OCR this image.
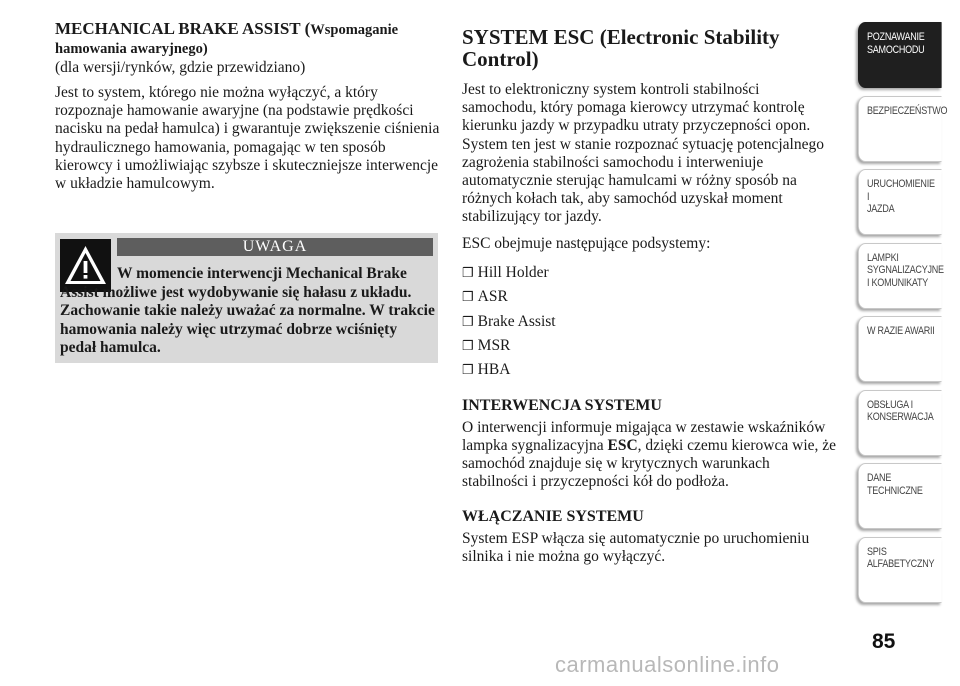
MECHANICAL BRAKE ASSIST (Wspomaganie hamowania awaryjnego)
(dla wersji/rynków, gdzie przewidziano)

Jest to system, którego nie można wyłączyć, a który rozpoznaje hamowanie awaryjne (na podstawie prędkości nacisku na pedał hamulca) i gwarantuje zwiększenie ciśnienia hydraulicznego hamowania, pomagając w ten sposób kierowcy i umożliwiając szybsze i skuteczniejsze interwencje w układzie hamulcowym.

UWAGA

W momencie interwencji Mechanical Brake Assist możliwe jest wydobywanie się hałasu z układu. Zachowanie takie należy uważać za normalne. W trakcie hamowania należy więc utrzymać dobrze wciśnięty pedał hamulca.

SYSTEM ESC (Electronic Stability Control)

Jest to elektroniczny system kontroli stabilności samochodu, który pomaga kierowcy utrzymać kontrolę kierunku jazdy w przypadku utraty przyczepności opon. System ten jest w stanie rozpoznać sytuację potencjalnego zagrożenia stabilności samochodu i interweniuje automatycznie sterując hamulcami w różny sposób na różnych kołach tak, aby samochód uzyskał moment stabilizujący tor jazdy.

ESC obejmuje następujące podsystemy:

❒ Hill Holder
❒ ASR
❒ Brake Assist
❒ MSR
❒ HBA
INTERWENCJA SYSTEMU

O interwencji informuje migająca w zestawie wskaźników lampka sygnalizacyjna ESC, dzięki czemu kierowca wie, że samochód znajduje się w krytycznych warunkach stabilności i przyczepności kół do podłoża.

WŁĄCZANIE SYSTEMU

System ESP włącza się automatycznie po uruchomieniu silnika i nie można go wyłączyć.

POZNAWANIE
SAMOCHODU
BEZPIECZEŃSTWO
URUCHOMIENIE I
JAZDA
LAMPKI
SYGNALIZACYJNE
I KOMUNIKATY
W RAZIE AWARII
OBSŁUGA I
KONSERWACJA
DANE
TECHNICZNE
SPIS
ALFABETYCZNY
85
carmanualsonline.info
